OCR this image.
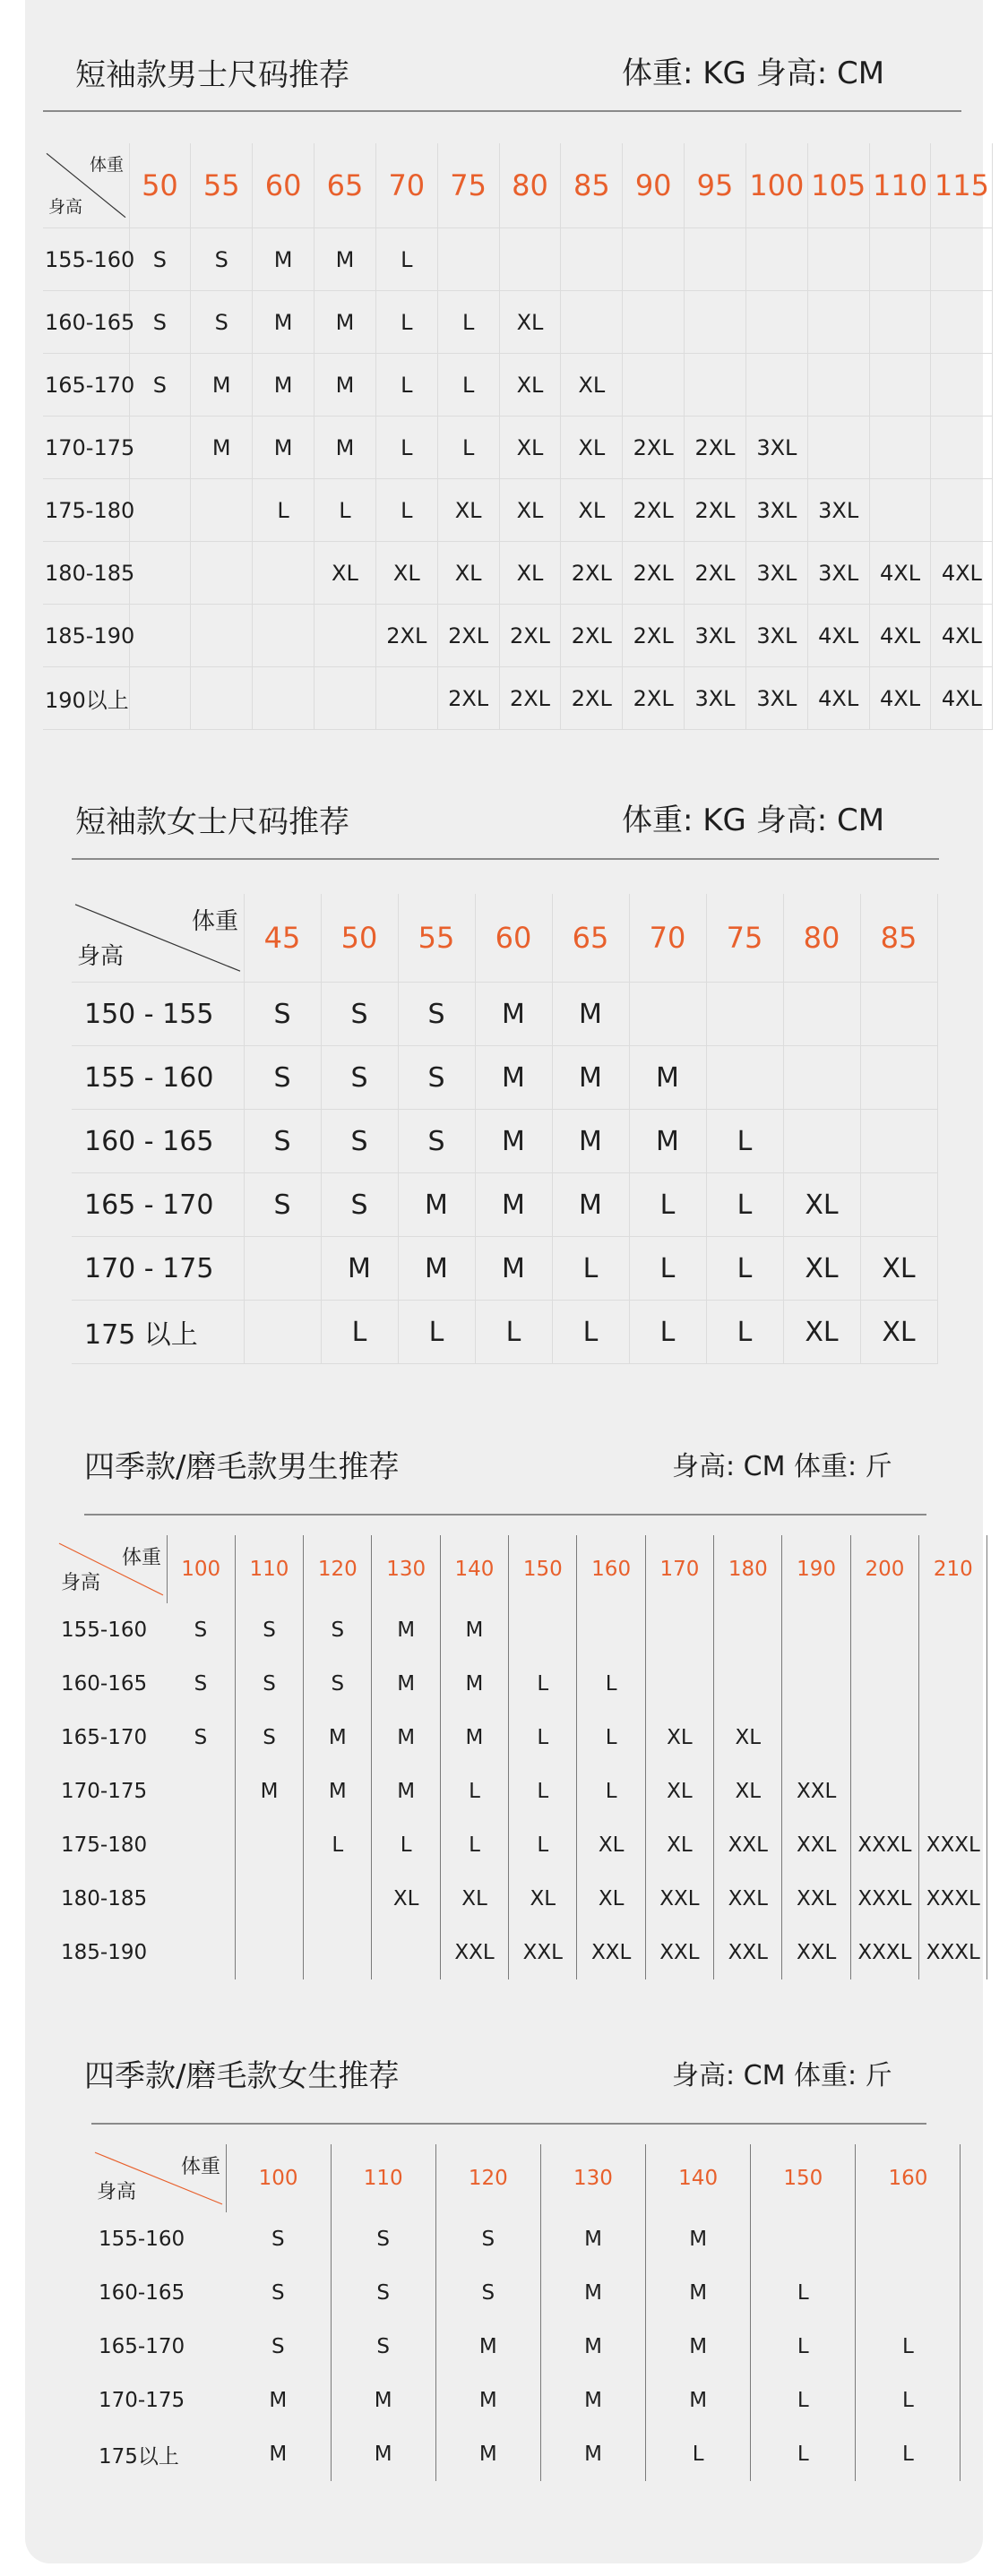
短袖款男士尺码推荐	体重: KG 身高: CM
体重
身高	50	55	60	65	70	75	80	85	90	95	100	105	110	115
155-160	S	S	M	M	L									
160-165	S	S	M	M	L	L	XL							
165-170	S	M	M	M	L	L	XL	XL						
170-175		M	M	M	L	L	XL	XL	2XL	2XL	3XL			
175-180			L	L	L	XL	XL	XL	2XL	2XL	3XL	3XL		
180-185				XL	XL	XL	XL	2XL	2XL	2XL	3XL	3XL	4XL	4XL
185-190					2XL	2XL	2XL	2XL	2XL	3XL	3XL	4XL	4XL	4XL
190以上						2XL	2XL	2XL	2XL	3XL	3XL	4XL	4XL	4XL
短袖款女士尺码推荐	体重: KG 身高: CM
体重
身高	45	50	55	60	65	70	75	80	85
150 - 155	S	S	S	M	M				
155 - 160	S	S	S	M	M	M			
160 - 165	S	S	S	M	M	M	L		
165 - 170	S	S	M	M	M	L	L	XL	
170 - 175		M	M	M	L	L	L	XL	XL
175 以上		L	L	L	L	L	L	XL	XL
四季款/磨毛款男生推荐	身高: CM 体重: 斤
体重
身高	100	110	120	130	140	150	160	170	180	190	200	210
155-160	S	S	S	M	M							
160-165	S	S	S	M	M	L	L					
165-170	S	S	M	M	M	L	L	XL	XL			
170-175		M	M	M	L	L	L	XL	XL	XXL		
175-180			L	L	L	L	XL	XL	XXL	XXL	XXXL	XXXL
180-185				XL	XL	XL	XL	XXL	XXL	XXL	XXXL	XXXL
185-190					XXL	XXL	XXL	XXL	XXL	XXL	XXXL	XXXL
四季款/磨毛款女生推荐	身高: CM 体重: 斤
体重
身高	100	110	120	130	140	150	160
155-160	S	S	S	M	M		
160-165	S	S	S	M	M	L	
165-170	S	S	M	M	M	L	L
170-175	M	M	M	M	M	L	L
175以上	M	M	M	M	L	L	L
